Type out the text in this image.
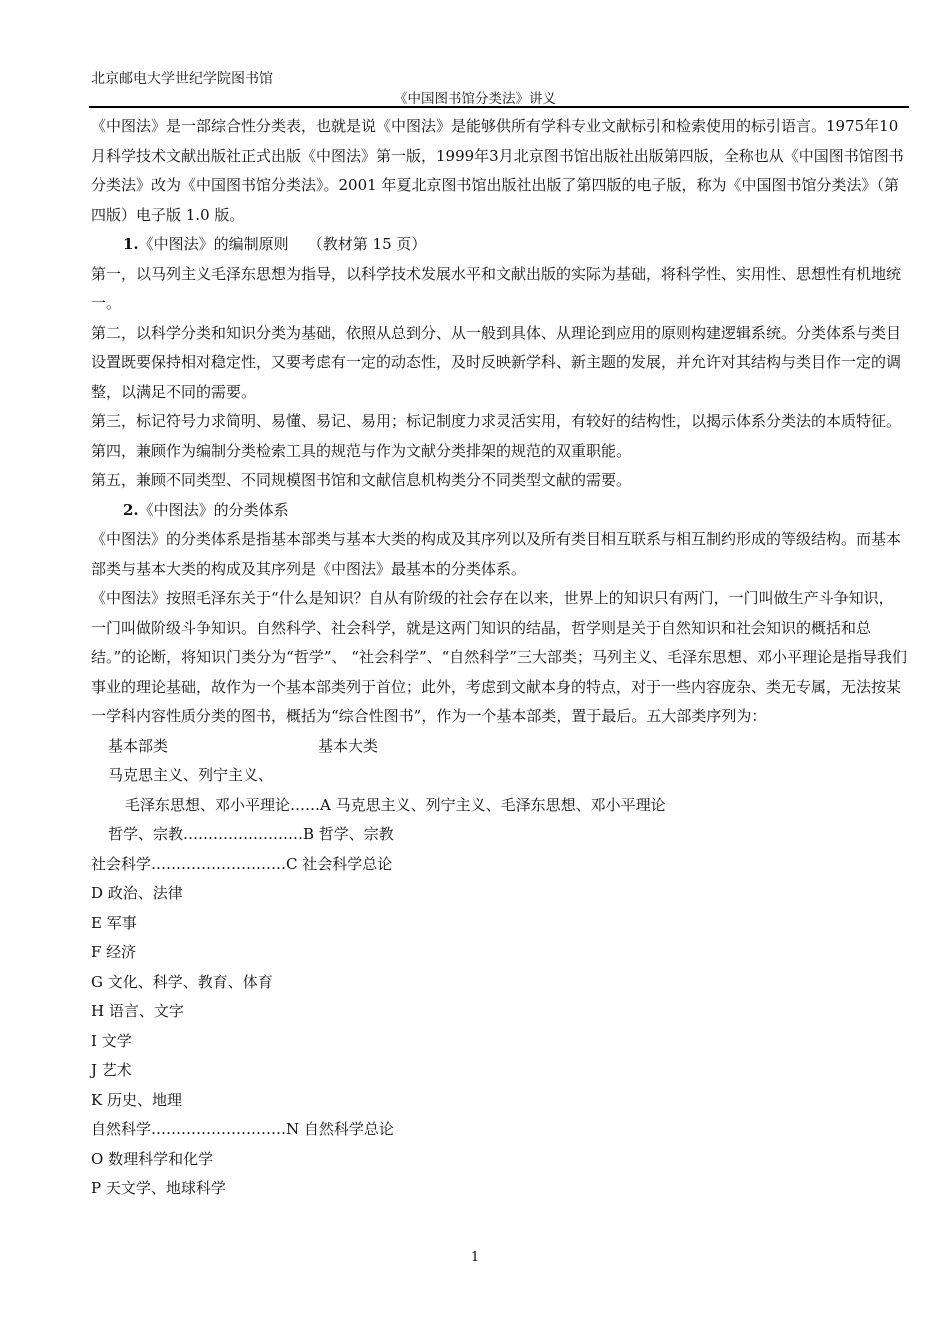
北京邮电大学世纪学院图书馆
《中国图书馆分类法》讲义

《中图法》是一部综合性分类表，也就是说《中图法》是能够供所有学科专业文献标引和检索使用的标引语言。1975年10月科学技术文献出版社正式出版《中图法》第一版，1999年3月北京图书馆出版社出版第四版，全称也从《中国图书馆图书分类法》改为《中国图书馆分类法》。2001 年夏北京图书馆出版社出版了第四版的电子版，称为《中国图书馆分类法》（第四版）电子版 1.0 版。

1.《中图法》的编制原则 （教材第 15 页）

第一，以马列主义毛泽东思想为指导，以科学技术发展水平和文献出版的实际为基础，将科学性、实用性、思想性有机地统一。

第二，以科学分类和知识分类为基础，依照从总到分、从一般到具体、从理论到应用的原则构建逻辑系统。分类体系与类目设置既要保持相对稳定性，又要考虑有一定的动态性，及时反映新学科、新主题的发展，并允许对其结构与类目作一定的调整，以满足不同的需要。

第三，标记符号力求简明、易懂、易记、易用；标记制度力求灵活实用，有较好的结构性，以揭示体系分类法的本质特征。

第四，兼顾作为编制分类检索工具的规范与作为文献分类排架的规范的双重职能。

第五，兼顾不同类型、不同规模图书馆和文献信息机构类分不同类型文献的需要。

2.《中图法》的分类体系

《中图法》的分类体系是指基本部类与基本大类的构成及其序列以及所有类目相互联系与相互制约形成的等级结构。而基本部类与基本大类的构成及其序列是《中图法》最基本的分类体系。

《中图法》按照毛泽东关于“什么是知识？自从有阶级的社会存在以来，世界上的知识只有两门，一门叫做生产斗争知识，一门叫做阶级斗争知识。自然科学、社会科学，就是这两门知识的结晶，哲学则是关于自然知识和社会知识的概括和总结。”的论断，将知识门类分为“哲学”、 “社会科学”、“自然科学”三大部类；马列主义、毛泽东思想、邓小平理论是指导我们事业的理论基础，故作为一个基本部类列于首位；此外，考虑到文献本身的特点，对于一些内容庞杂、类无专属，无法按某一学科内容性质分类的图书，概括为“综合性图书”，作为一个基本部类，置于最后。五大部类序列为：

基本部类	基本大类

马克思主义、列宁主义、

毛泽东思想、邓小平理论……A 马克思主义、列宁主义、毛泽东思想、邓小平理论

哲学、宗教……………………B 哲学、宗教

社会科学………………………C 社会科学总论

D 政治、法律

E 军事

F 经济

G 文化、科学、教育、体育

H 语言、文字

I 文学

J 艺术

K 历史、地理

自然科学………………………N 自然科学总论

O 数理科学和化学

P 天文学、地球科学

1
